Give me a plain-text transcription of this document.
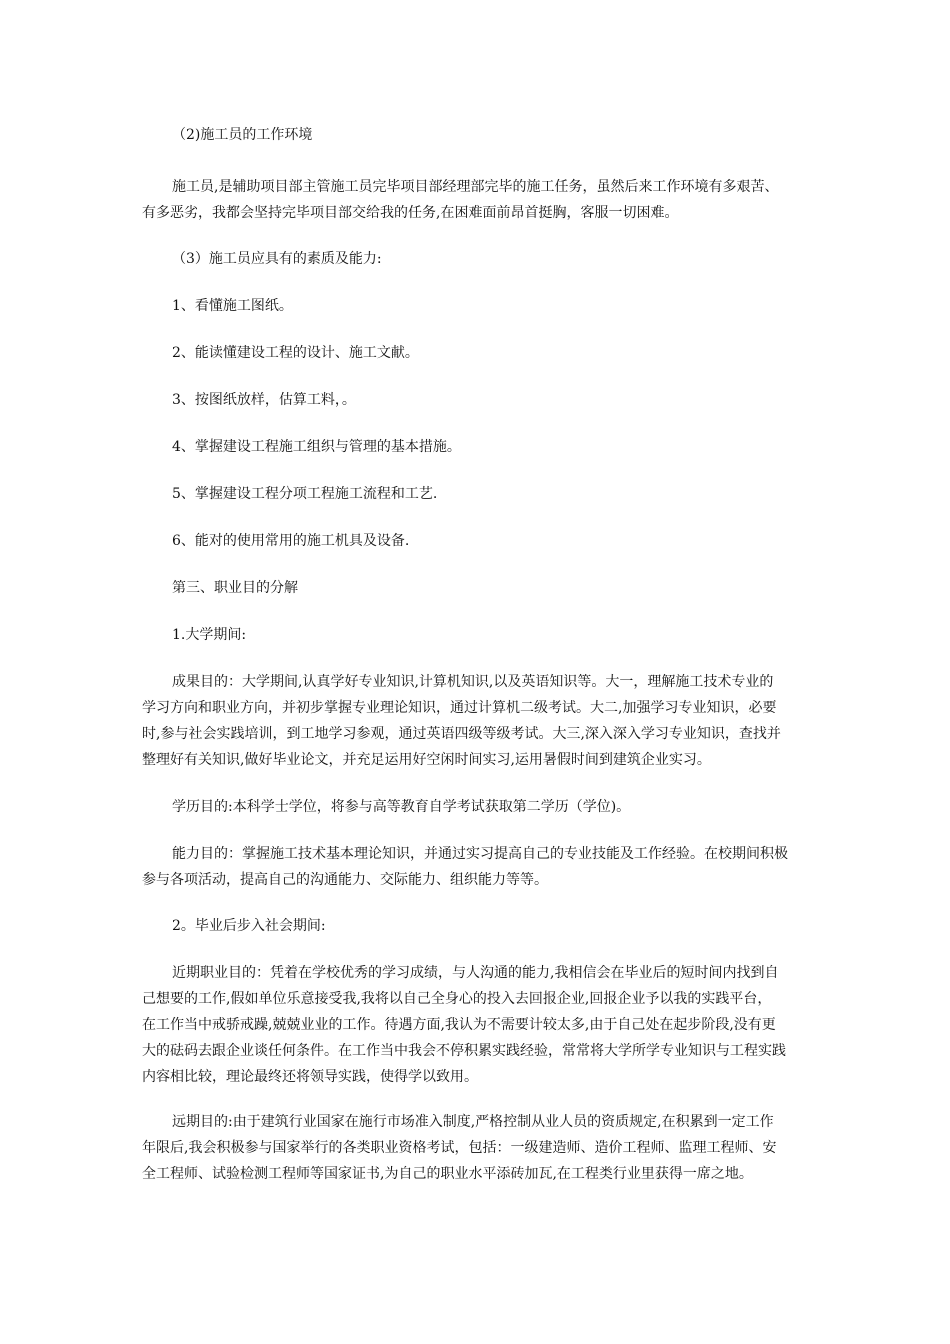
（2)施工员的工作环境
施工员,是辅助项目部主管施工员完毕项目部经理部完毕的施工任务，虽然后来工作环境有多艰苦、
有多恶劣，我都会坚持完毕项目部交给我的任务,在困难面前昂首挺胸，客服一切困难。
（3）施工员应具有的素质及能力:
1、看懂施工图纸。
2、能读懂建设工程的设计、施工文献。
3、按图纸放样，估算工料，。
4、掌握建设工程施工组织与管理的基本措施。
5、掌握建设工程分项工程施工流程和工艺.
6、能对的使用常用的施工机具及设备.
第三、职业目的分解
1.大学期间:
成果目的：大学期间,认真学好专业知识,计算机知识,以及英语知识等。大一，理解施工技术专业的
学习方向和职业方向，并初步掌握专业理论知识，通过计算机二级考试。大二,加强学习专业知识，必要
时,参与社会实践培训，到工地学习参观，通过英语四级等级考试。大三,深入深入学习专业知识，查找并
整理好有关知识,做好毕业论文，并充足运用好空闲时间实习,运用暑假时间到建筑企业实习。
学历目的:本科学士学位，将参与高等教育自学考试获取第二学历（学位)。
能力目的：掌握施工技术基本理论知识，并通过实习提高自己的专业技能及工作经验。在校期间积极
参与各项活动，提高自己的沟通能力、交际能力、组织能力等等。
2。毕业后步入社会期间:
近期职业目的：凭着在学校优秀的学习成绩，与人沟通的能力,我相信会在毕业后的短时间内找到自
己想要的工作,假如单位乐意接受我,我将以自己全身心的投入去回报企业,回报企业予以我的实践平台，
在工作当中戒骄戒躁,兢兢业业的工作。待遇方面,我认为不需要计较太多,由于自己处在起步阶段,没有更
大的砝码去跟企业谈任何条件。在工作当中我会不停积累实践经验，常常将大学所学专业知识与工程实践
内容相比较，理论最终还将领导实践，使得学以致用。
远期目的:由于建筑行业国家在施行市场准入制度,严格控制从业人员的资质规定,在积累到一定工作
年限后,我会积极参与国家举行的各类职业资格考试，包括：一级建造师、造价工程师、监理工程师、安
全工程师、试验检测工程师等国家证书,为自己的职业水平添砖加瓦,在工程类行业里获得一席之地。
